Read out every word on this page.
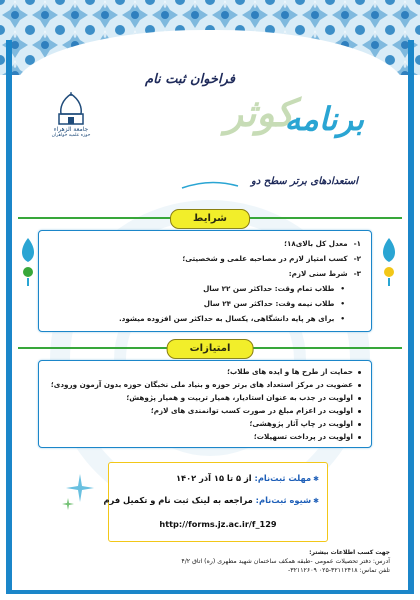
جامعة الزهراء
حوزه علمیه خواهران
فراخوان ثبت نام
کوثر
برنامه
استعدادهای برتر سطح دو
شرایط
۱-معدل کل بالای۱۸؛
۲-کسب امتیاز لازم در مصاحبه علمی و شخصیتی؛
۳-شرط سنی لازم:
•طلاب تمام وقت: حداکثر سن ۲۲ سال
•طلاب نیمه وقت: حداکثر سن ۲۴ سال
•برای هر پایه دانشگاهی، یکسال به حداکثر سن افزوده میشود.
امتیازات
حمایت از طرح ها و ایده های طلاب؛
عضویت در مرکز استعداد های برتر حوزه و بنیاد ملی نخبگان حوزه بدون آزمون ورودی؛
اولویت در جذب به عنوان استادیار، همیار تربیت و همیار پژوهش؛
اولویت در اعزام مبلغ در صورت کسب توانمندی های لازم؛
اولویت در چاپ آثار پژوهشی؛
اولویت در پرداخت تسهیلات؛
✱مهلت ثبت‌نام: از ۵ تا ۱۵ آذر ۱۴۰۲
✱شیوه ثبت‌نام: مراجعه به لینک ثبت نام و تکمیل فرم
http://forms.jz.ac.ir/f_129
جهت کسب اطلاعات بیشتر:
آدرس: دفتر تحصیلات عمومی -طبقه همکف ساختمان شهید مطهری (ره) اتاق ۴/۲
تلفن تماس: ۳۲۱۱۲۴۱۸-۰۲۵ ۳۲۱۱۲۶۰۹-
